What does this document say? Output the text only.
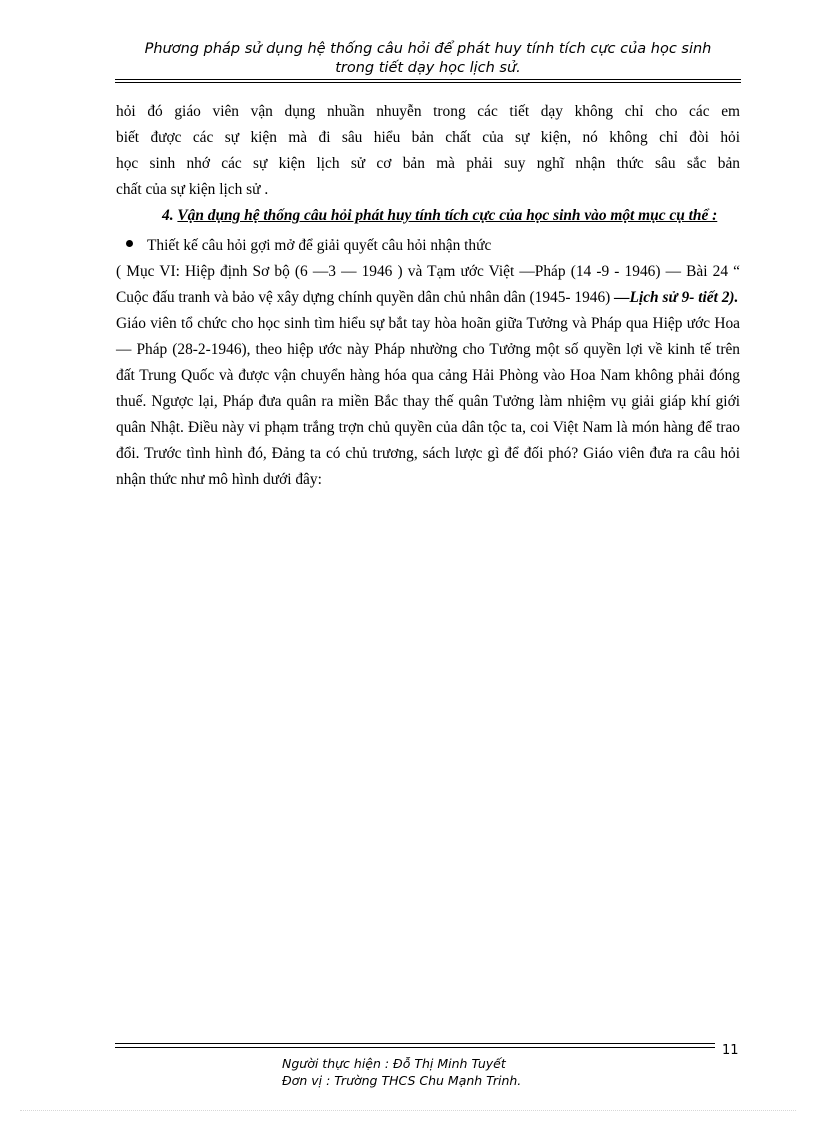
Phương pháp sử dụng hệ thống câu hỏi để phát huy tính tích cực của học sinh
trong tiết dạy học lịch sử.

hỏi đó giáo viên vận dụng nhuần nhuyễn trong các tiết dạy không chỉ cho các em

biết được các sự kiện mà đi sâu hiểu bản chất của sự kiện, nó không chỉ đòi hỏi

học sinh nhớ các sự kiện lịch sử cơ bản mà phải suy nghĩ nhận thức sâu sắc bản

chất của sự kiện lịch sử .

4. Vận dụng hệ thống câu hỏi phát huy tính tích cực của học sinh vào một mục cụ thể :

Thiết kế câu hỏi gợi mở để giải quyết câu hỏi nhận thức

( Mục VI: Hiệp định Sơ bộ (6 —3 — 1946 ) và Tạm ước Việt —Pháp (14 -9 - 1946) — Bài 24 “ Cuộc đấu tranh và bảo vệ xây dựng chính quyền dân chủ nhân dân (1945- 1946) —Lịch sử 9- tiết 2).

Giáo viên tổ chức cho học sinh tìm hiểu sự bắt tay hòa hoãn giữa Tưởng và Pháp qua Hiệp ước Hoa — Pháp (28-2-1946), theo hiệp ước này Pháp nhường cho Tưởng một số quyền lợi về kinh tế trên đất Trung Quốc và được vận chuyển hàng hóa qua cảng Hải Phòng vào Hoa Nam không phải đóng thuế. Ngược lại, Pháp đưa quân ra miền Bắc thay thế quân Tưởng làm nhiệm vụ giải giáp khí giới quân Nhật. Điều này vi phạm trắng trợn chủ quyền của dân tộc ta, coi Việt Nam là món hàng để trao đổi. Trước tình hình đó, Đảng ta có chủ trương, sách lược gì để đối phó? Giáo viên đưa ra câu hỏi nhận thức như mô hình dưới đây:

11
Người thực hiện : Đỗ Thị Minh Tuyết
Đơn vị : Trường THCS Chu Mạnh Trinh.
